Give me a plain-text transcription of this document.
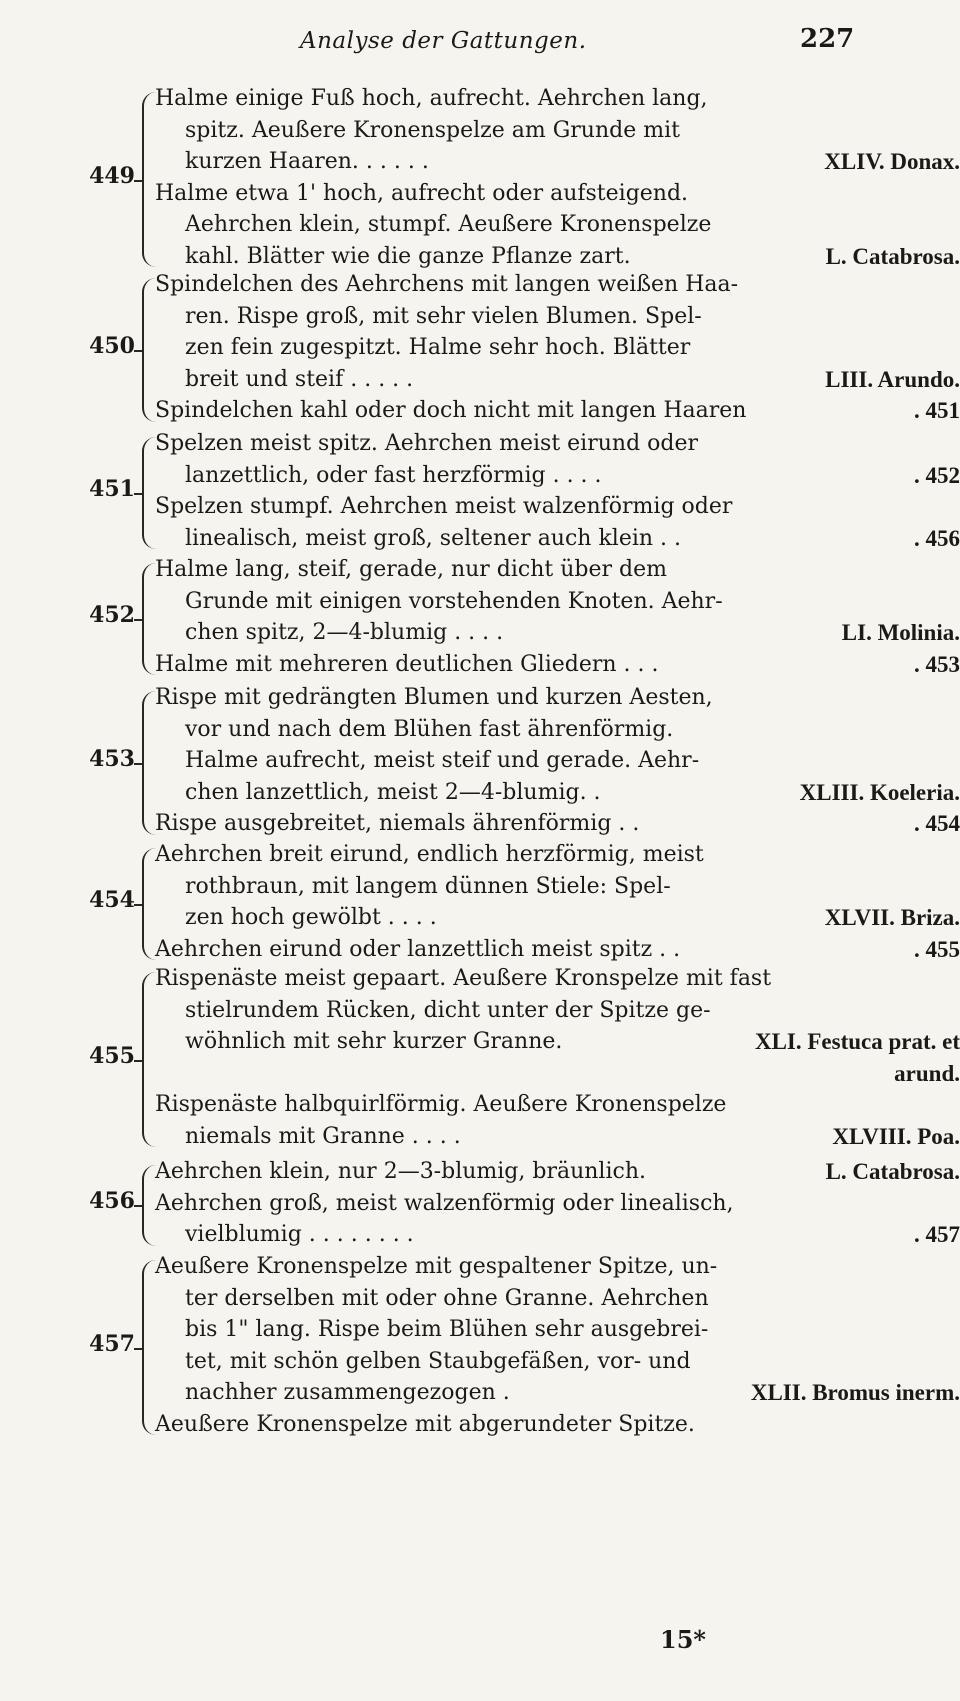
Analyse der Gattungen.	227
449
Halme einige Fuß hoch, aufrecht. Aehrchen lang,
spitz. Aeußere Kronenspelze am Grunde mit
kurzen Haaren. . . . . .	XLIV. Donax.
Halme etwa 1' hoch, aufrecht oder aufsteigend.
Aehrchen klein, stumpf. Aeußere Kronenspelze
kahl. Blätter wie die ganze Pflanze zart.	L. Catabrosa.
450
Spindelchen des Aehrchens mit langen weißen Haa-
ren. Rispe groß, mit sehr vielen Blumen. Spel-
zen fein zugespitzt. Halme sehr hoch. Blätter
breit und steif . . . . .	LIII. Arundo.
Spindelchen kahl oder doch nicht mit langen Haaren	. 451
451
Spelzen meist spitz. Aehrchen meist eirund oder
lanzettlich, oder fast herzförmig . . . .	. 452
Spelzen stumpf. Aehrchen meist walzenförmig oder
linealisch, meist groß, seltener auch klein . .	. 456
452
Halme lang, steif, gerade, nur dicht über dem
Grunde mit einigen vorstehenden Knoten. Aehr-
chen spitz, 2—4-blumig . . . .	LI. Molinia.
Halme mit mehreren deutlichen Gliedern . . .	. 453
453
Rispe mit gedrängten Blumen und kurzen Aesten,
vor und nach dem Blühen fast ährenförmig.
Halme aufrecht, meist steif und gerade. Aehr-
chen lanzettlich, meist 2—4-blumig. .	XLIII. Koeleria.
Rispe ausgebreitet, niemals ährenförmig . .	. 454
454
Aehrchen breit eirund, endlich herzförmig, meist
rothbraun, mit langem dünnen Stiele: Spel-
zen hoch gewölbt . . . .	XLVII. Briza.
Aehrchen eirund oder lanzettlich meist spitz . .	. 455
455
Rispenäste meist gepaart. Aeußere Kronspelze mit fast
stielrundem Rücken, dicht unter der Spitze ge-
wöhnlich mit sehr kurzer Granne.	XLI. Festuca prat. et
arund.
Rispenäste halbquirlförmig. Aeußere Kronenspelze
niemals mit Granne . . . .	XLVIII. Poa.
456
Aehrchen klein, nur 2—3-blumig, bräunlich.	L. Catabrosa.
Aehrchen groß, meist walzenförmig oder linealisch,
vielblumig . . . . . . . .	. 457
457
Aeußere Kronenspelze mit gespaltener Spitze, un-
ter derselben mit oder ohne Granne. Aehrchen
bis 1" lang. Rispe beim Blühen sehr ausgebrei-
tet, mit schön gelben Staubgefäßen, vor- und
nachher zusammengezogen .	XLII. Bromus inerm.
Aeußere Kronenspelze mit abgerundeter Spitze.
15*
